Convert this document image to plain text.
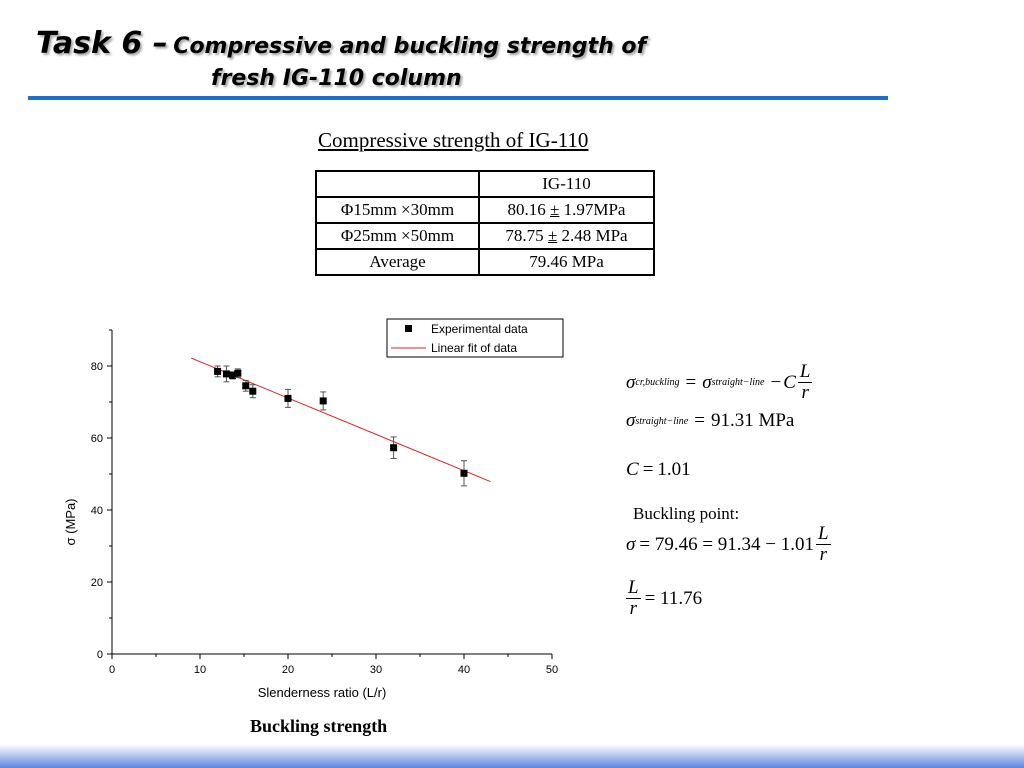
Task 6 – Compressive and buckling strength of
fresh IG-110 column
Compressive strength of IG-110
	IG-110
Φ15mm ×30mm	80.16 ± 1.97MPa
Φ25mm ×50mm	78.75 ± 2.48 MPa
Average	79.46 MPa
0	10	20	30	40	50
0
20
40
60
80
Slenderness ratio (L/r)
σ (MPa)
Experimental data
Linear fit of data
Buckling strength
σ cr,buckling = σ straight−line − C $\frac{L}{r}$
σ straight−line = 91.31 MPa
C = 1.01
Buckling point:
$\sigma = 79.46 = 91.34 - 1.01 \frac{L}{r}$
$\frac{L}{r} = 11.76$
